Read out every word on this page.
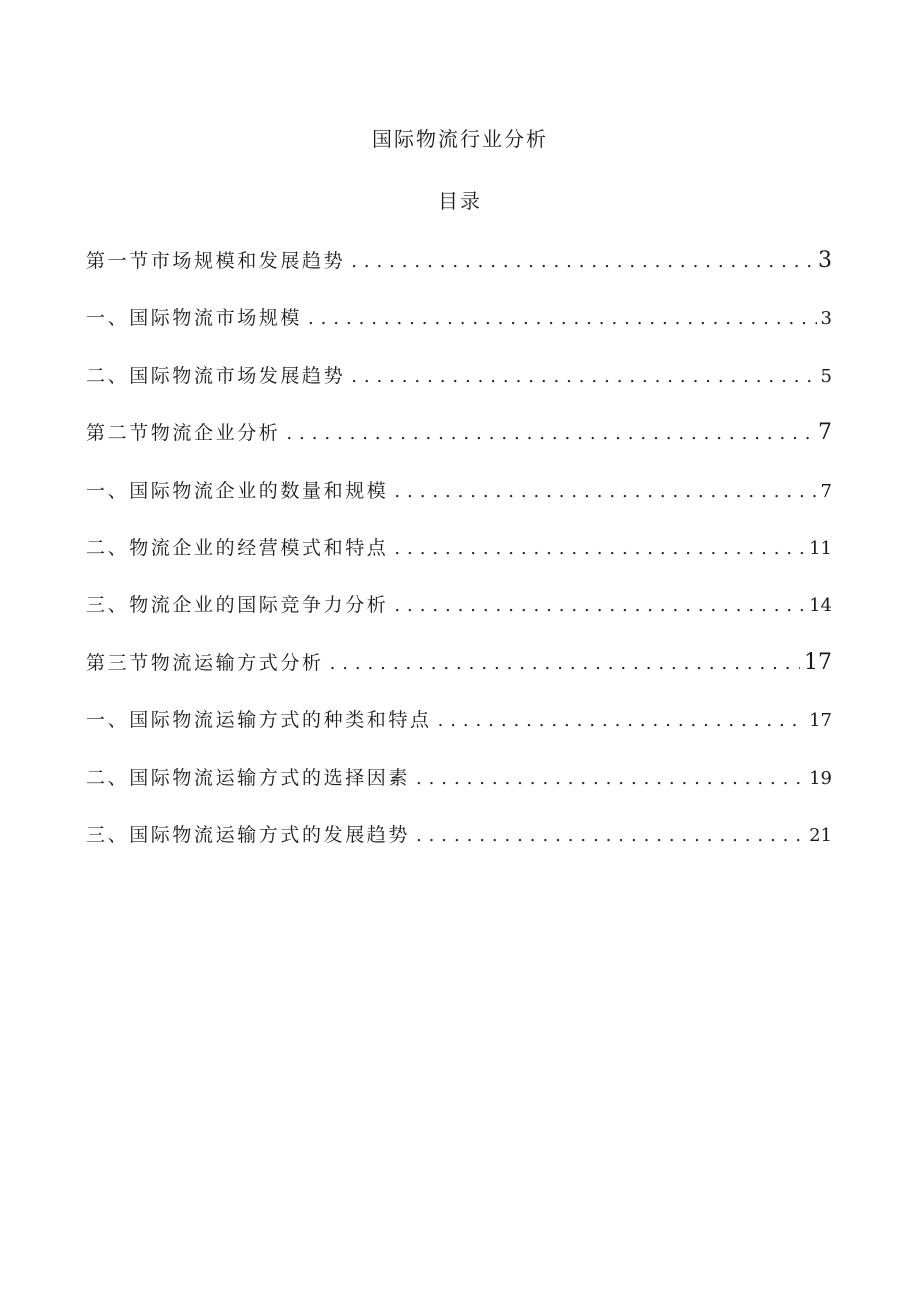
国际物流行业分析
目录
第一节市场规模和发展趋势 . . .	3
一、国际物流市场规模 . . .	3
二、国际物流市场发展趋势 . . .	5
第二节物流企业分析 . . .	7
一、国际物流企业的数量和规模 . . .	7
二、物流企业的经营模式和特点 . . .	11
三、物流企业的国际竞争力分析 . . .	14
第三节物流运输方式分析 . . .	17
一、国际物流运输方式的种类和特点 . . .	17
二、国际物流运输方式的选择因素 . . .	19
三、国际物流运输方式的发展趋势 . . .	21
